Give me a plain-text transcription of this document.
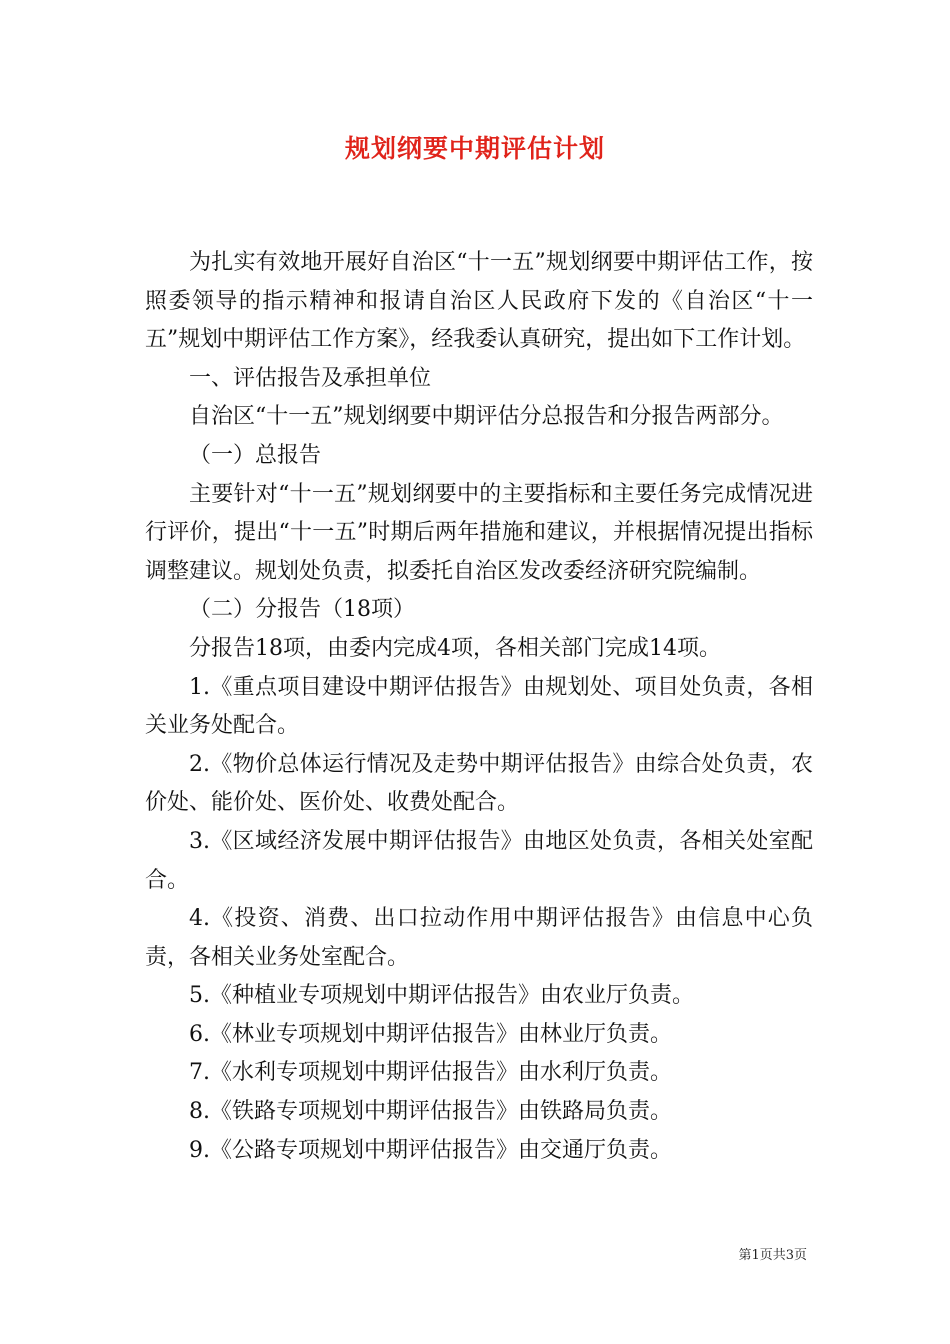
规划纲要中期评估计划

为扎实有效地开展好自治区“十一五”规划纲要中期评估工作，按照委领导的指示精神和报请自治区人民政府下发的《自治区“十一五”规划中期评估工作方案》，经我委认真研究，提出如下工作计划。

一、评估报告及承担单位

自治区“十一五”规划纲要中期评估分总报告和分报告两部分。

（一）总报告

主要针对“十一五”规划纲要中的主要指标和主要任务完成情况进行评价，提出“十一五”时期后两年措施和建议，并根据情况提出指标调整建议。规划处负责，拟委托自治区发改委经济研究院编制。

（二）分报告（18项）

分报告18项，由委内完成4项，各相关部门完成14项。

1.《重点项目建设中期评估报告》由规划处、项目处负责，各相关业务处配合。

2.《物价总体运行情况及走势中期评估报告》由综合处负责，农价处、能价处、医价处、收费处配合。

3.《区域经济发展中期评估报告》由地区处负责，各相关处室配合。

4.《投资、消费、出口拉动作用中期评估报告》由信息中心负责，各相关业务处室配合。

5.《种植业专项规划中期评估报告》由农业厅负责。

6.《林业专项规划中期评估报告》由林业厅负责。

7.《水利专项规划中期评估报告》由水利厅负责。

8.《铁路专项规划中期评估报告》由铁路局负责。

9.《公路专项规划中期评估报告》由交通厅负责。

第1页共3页
